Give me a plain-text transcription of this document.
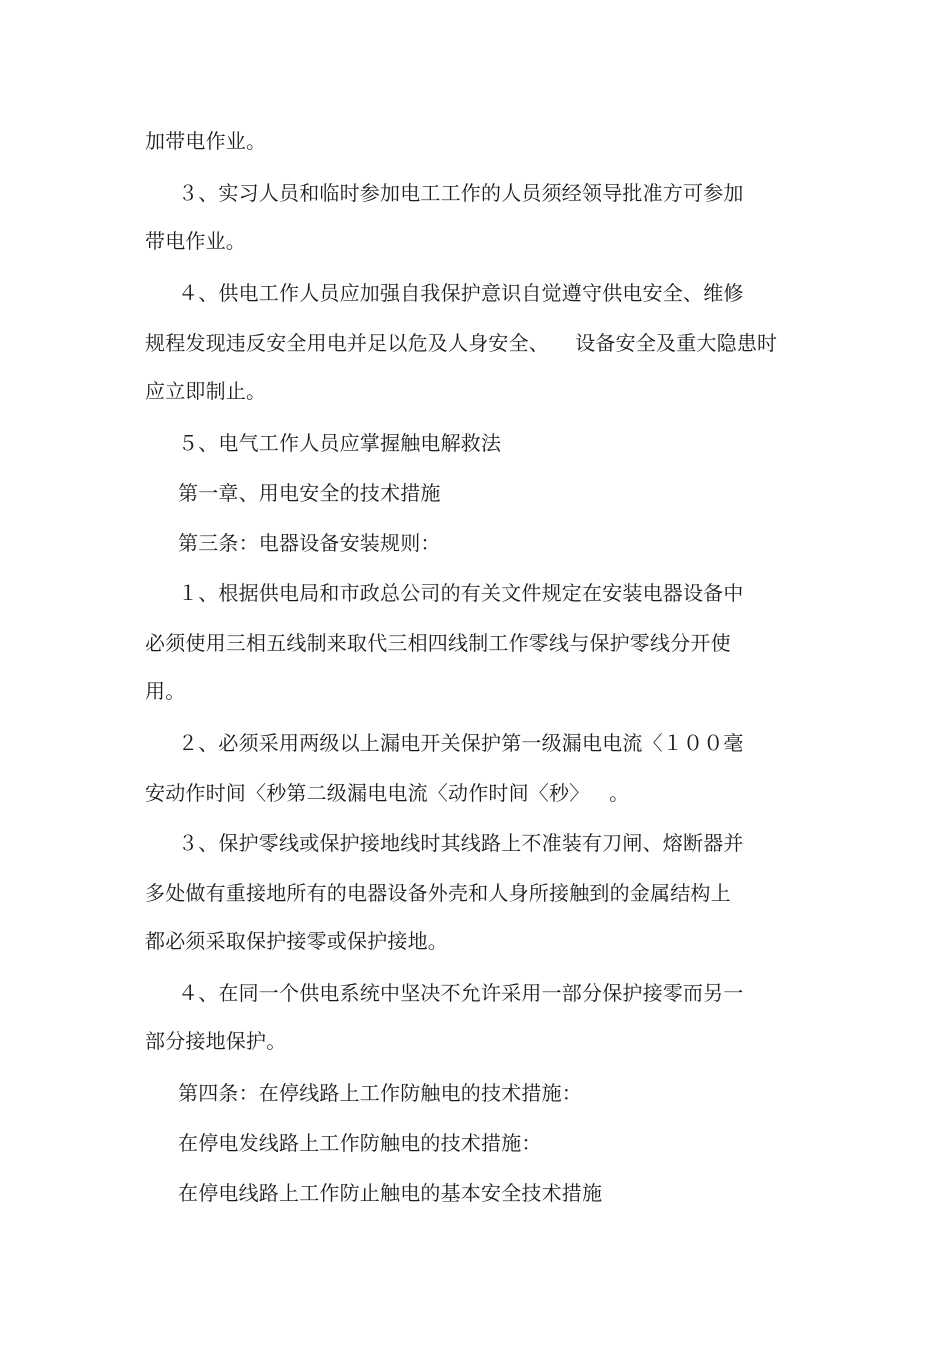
加带电作业。
３、实习人员和临时参加电工工作的人员须经领导批准方可参加
带电作业。
４、供电工作人员应加强自我保护意识自觉遵守供电安全、维修
规程发现违反安全用电并足以危及人身安全、    设备安全及重大隐患时
应立即制止。
５、电气工作人员应掌握触电解救法
第一章、用电安全的技术措施
第三条：电器设备安装规则：
１、根据供电局和市政总公司的有关文件规定在安装电器设备中
必须使用三相五线制来取代三相四线制工作零线与保护零线分开使
用。
２、必须采用两级以上漏电开关保护第一级漏电电流〈１００毫
安动作时间〈秒第二级漏电电流〈动作时间〈秒〉   。
３、保护零线或保护接地线时其线路上不准装有刀闸、熔断器并
多处做有重接地所有的电器设备外壳和人身所接触到的金属结构上
都必须采取保护接零或保护接地。
４、在同一个供电系统中坚决不允许采用一部分保护接零而另一
部分接地保护。
第四条：在停线路上工作防触电的技术措施：
在停电发线路上工作防触电的技术措施：
在停电线路上工作防止触电的基本安全技术措施
